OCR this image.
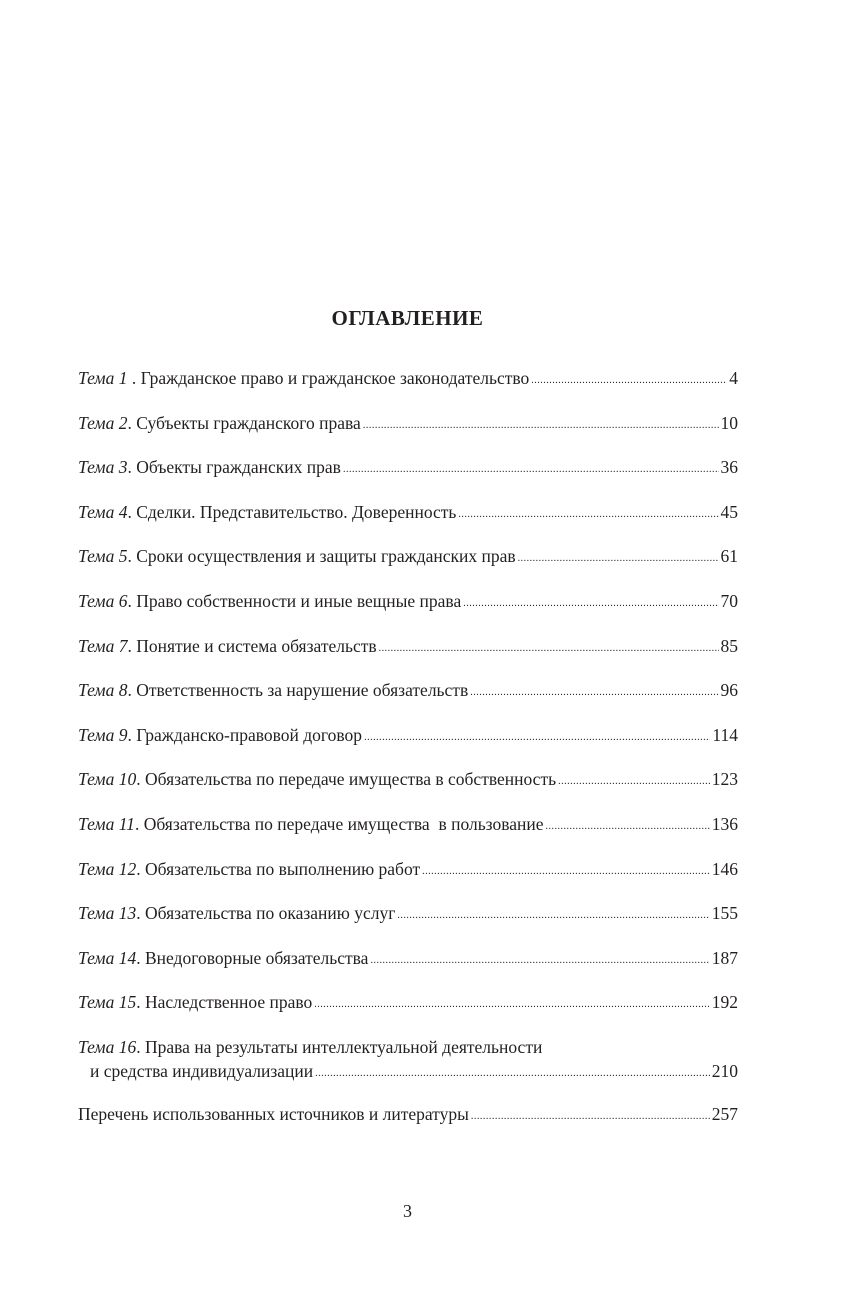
ОГЛАВЛЕНИЕ
Тема 1 . Гражданское право и гражданское законодательство .....	4
Тема 2. Субъекты гражданского права .....	10
Тема 3. Объекты гражданских прав .....	36
Тема 4. Сделки. Представительство. Доверенность .....	45
Тема 5. Сроки осуществления и защиты гражданских прав .....	61
Тема 6. Право собственности и иные вещные права .....	70
Тема 7. Понятие и система обязательств .....	85
Тема 8. Ответственность за нарушение обязательств .....	96
Тема 9. Гражданско-правовой договор .....	114
Тема 10. Обязательства по передаче имущества в собственность .....	123
Тема 11. Обязательства по передаче имущества  в пользование .....	136
Тема 12. Обязательства по выполнению работ .....	146
Тема 13. Обязательства по оказанию услуг .....	155
Тема 14. Внедоговорные обязательства .....	187
Тема 15. Наследственное право .....	192
Тема 16. Права на результаты интеллектуальной деятельности
и средства индивидуализации .....	210
Перечень использованных источников и литературы .....	257
3
